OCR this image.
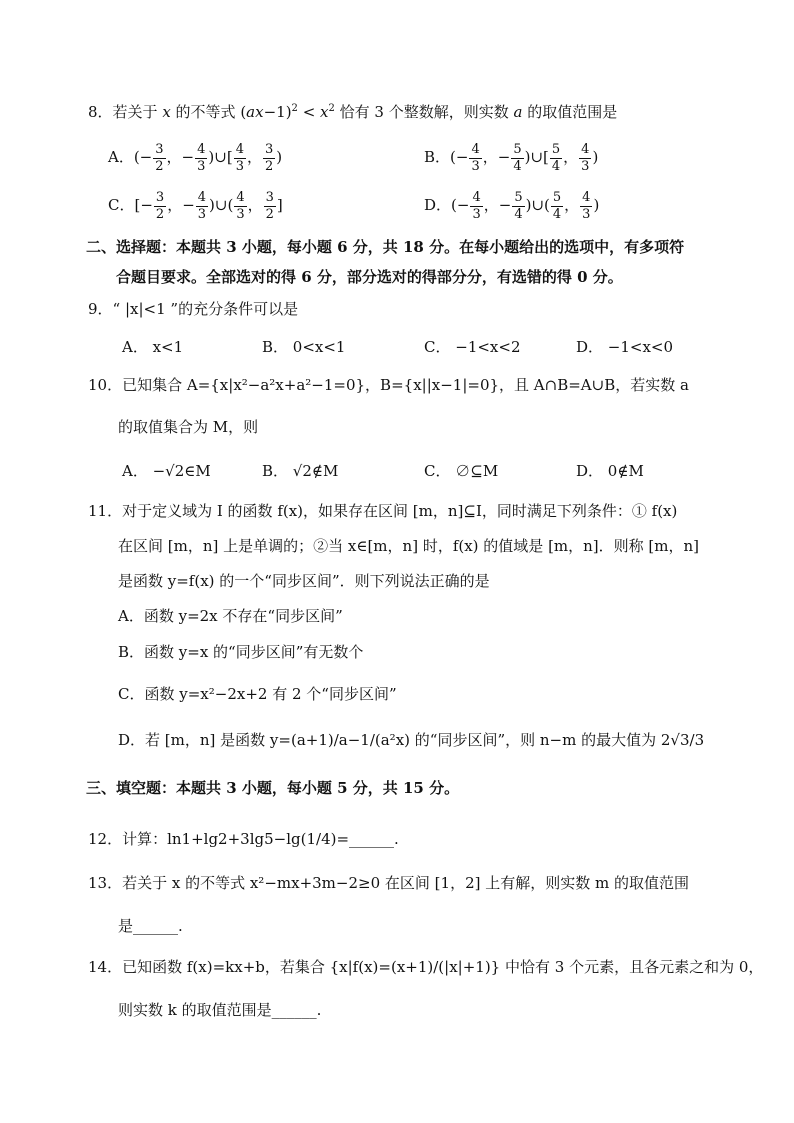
8．若关于 x 的不等式 $(ax-1)^2 < x^2$ 恰有 3 个整数解，则实数 a 的取值范围是
A．(− $\frac{3}{2}$ ，− $\frac{4}{3}$ )∪[ $\frac{4}{3}$ ， $\frac{3}{2}$ )	B．(− $\frac{4}{3}$ ，− $\frac{5}{4}$ )∪[ $\frac{5}{4}$ ， $\frac{4}{3}$ )
C．[− $\frac{3}{2}$ ，− $\frac{4}{3}$ )∪( $\frac{4}{3}$ ， $\frac{3}{2}$ ]	D．(− $\frac{4}{3}$ ，− $\frac{5}{4}$ )∪( $\frac{5}{4}$ ， $\frac{4}{3}$ )
二、选择题：本题共 3 小题，每小题 6 分，共 18 分。在每小题给出的选项中，有多项符
合题目要求。全部选对的得 6 分，部分选对的得部分分，有选错的得 0 分。
9．“ |x|<1 ”的充分条件可以是
A． x<1	B． 0<x<1	C． −1<x<2	D． −1<x<0
10．已知集合 A={x|x²−a²x+a²−1=0}，B={x||x−1|=0}，且 A∩B=A∪B，若实数 a
的取值集合为 M，则
A． −√2∈M	B． √2∉M	C． ∅⊆M	D． 0∉M
11．对于定义域为 I 的函数 f(x)，如果存在区间 [m，n]⊆I，同时满足下列条件：① f(x)
在区间 [m，n] 上是单调的；②当 x∈[m，n] 时，f(x) 的值域是 [m，n]．则称 [m，n]
是函数 y=f(x) 的一个“同步区间”．则下列说法正确的是
A．函数 y=2x 不存在“同步区间”
B．函数 y=x 的“同步区间”有无数个
C．函数 y=x²−2x+2 有 2 个“同步区间”
D．若 [m，n] 是函数 y=(a+1)/a−1/(a²x) 的“同步区间”，则 n−m 的最大值为 2√3/3
三、填空题：本题共 3 小题，每小题 5 分，共 15 分。
12．计算：ln1+lg2+3lg5−lg(1/4)=______.
13．若关于 x 的不等式 x²−mx+3m−2≥0 在区间 [1，2] 上有解，则实数 m 的取值范围
是______.
14．已知函数 f(x)=kx+b，若集合 {x|f(x)=(x+1)/(|x|+1)} 中恰有 3 个元素，且各元素之和为 0，
则实数 k 的取值范围是______.
